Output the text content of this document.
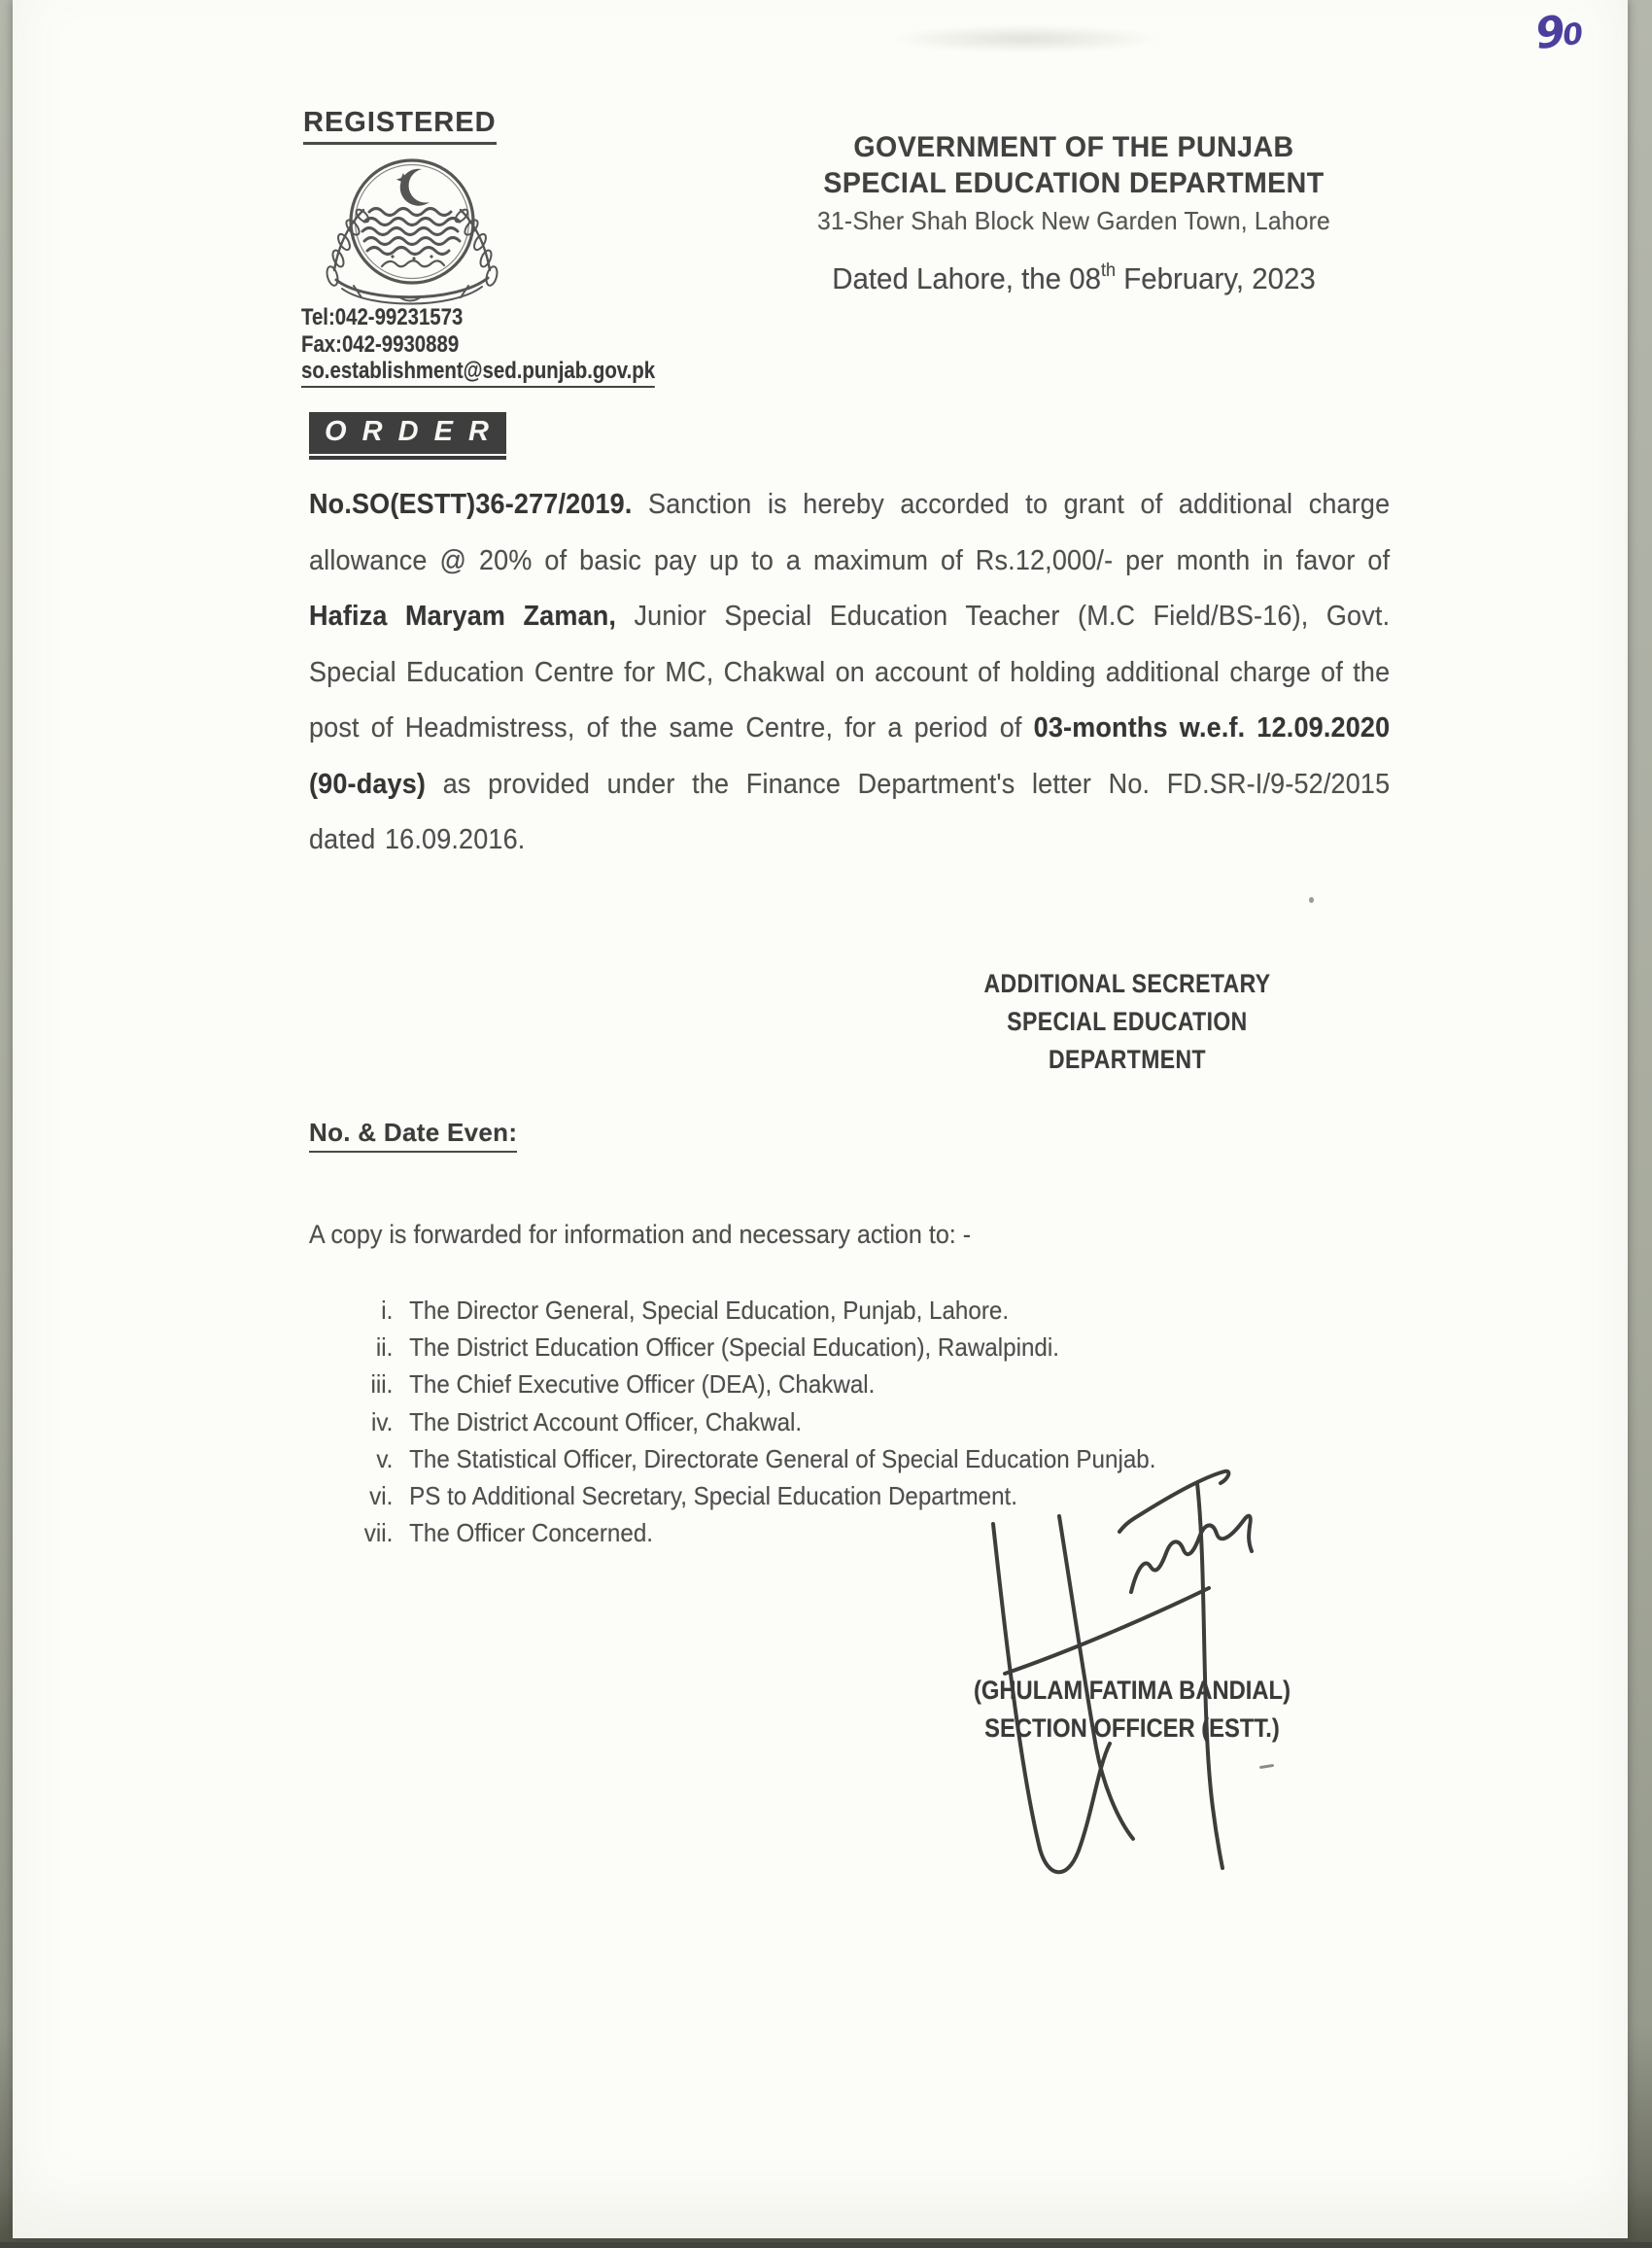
90
REGISTERED
Tel:042-99231573
Fax:042-9930889
so.establishment@sed.punjab.gov.pk
GOVERNMENT OF THE PUNJAB
SPECIAL EDUCATION DEPARTMENT
31-Sher Shah Block New Garden Town, Lahore
Dated Lahore, the 08th February, 2023
O R D E R

No.SO(ESTT)36-277/2019. Sanction is hereby accorded to grant of additional charge allowance @ 20% of basic pay up to a maximum of Rs.12,000/- per month in favor of Hafiza Maryam Zaman, Junior Special Education Teacher (M.C Field/BS-16), Govt. Special Education Centre for MC, Chakwal on account of holding additional charge of the post of Headmistress, of the same Centre, for a period of 03-months w.e.f. 12.09.2020 (90-days) as provided under the Finance Department's letter No. FD.SR-I/9-52/2015 dated 16.09.2016.

ADDITIONAL SECRETARY
SPECIAL EDUCATION
DEPARTMENT
No. & Date Even:
A copy is forwarded for information and necessary action to: -
i. The Director General, Special Education, Punjab, Lahore.
ii. The District Education Officer (Special Education), Rawalpindi.
iii. The Chief Executive Officer (DEA), Chakwal.
iv. The District Account Officer, Chakwal.
v. The Statistical Officer, Directorate General of Special Education Punjab.
vi. PS to Additional Secretary, Special Education Department.
vii. The Officer Concerned.
(GHULAM FATIMA BANDIAL)
SECTION OFFICER (ESTT.)
